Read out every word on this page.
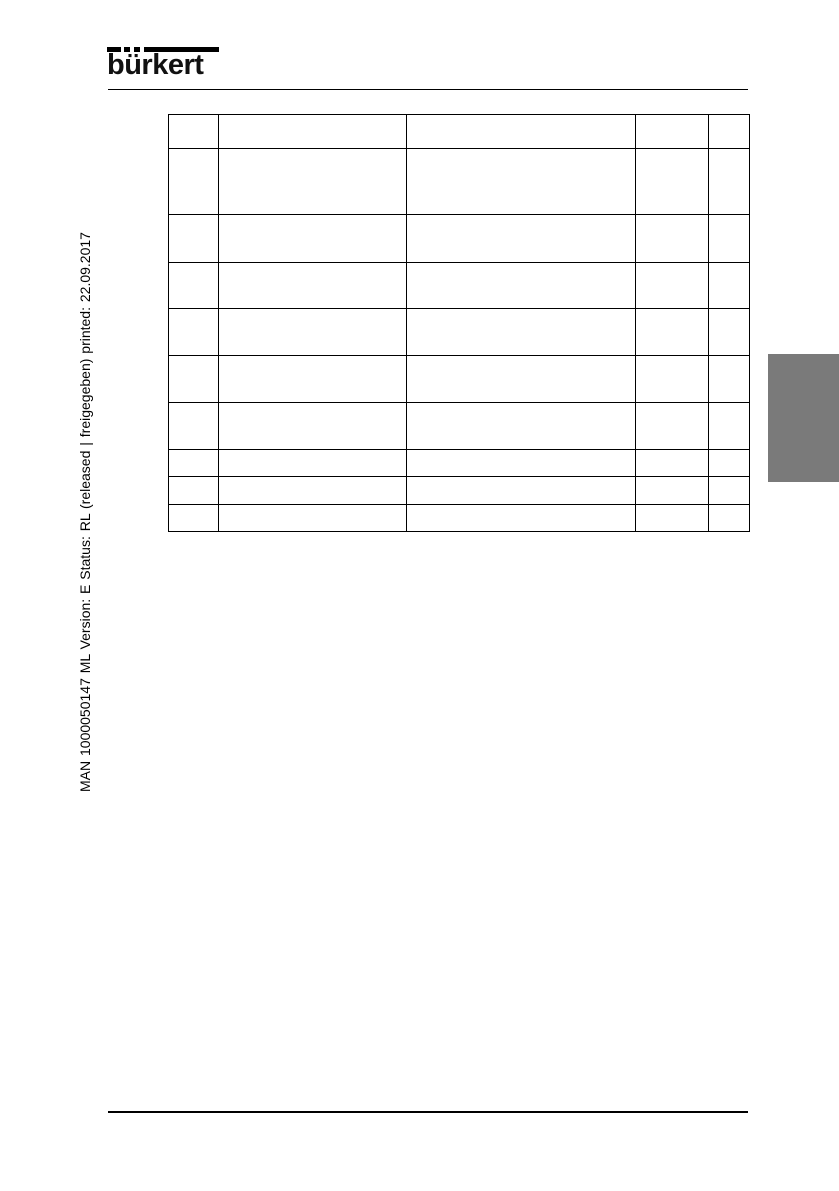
bürkert
MAN 1000050147 ML Version: E Status: RL (released | freigegeben) printed: 22.09.2017
